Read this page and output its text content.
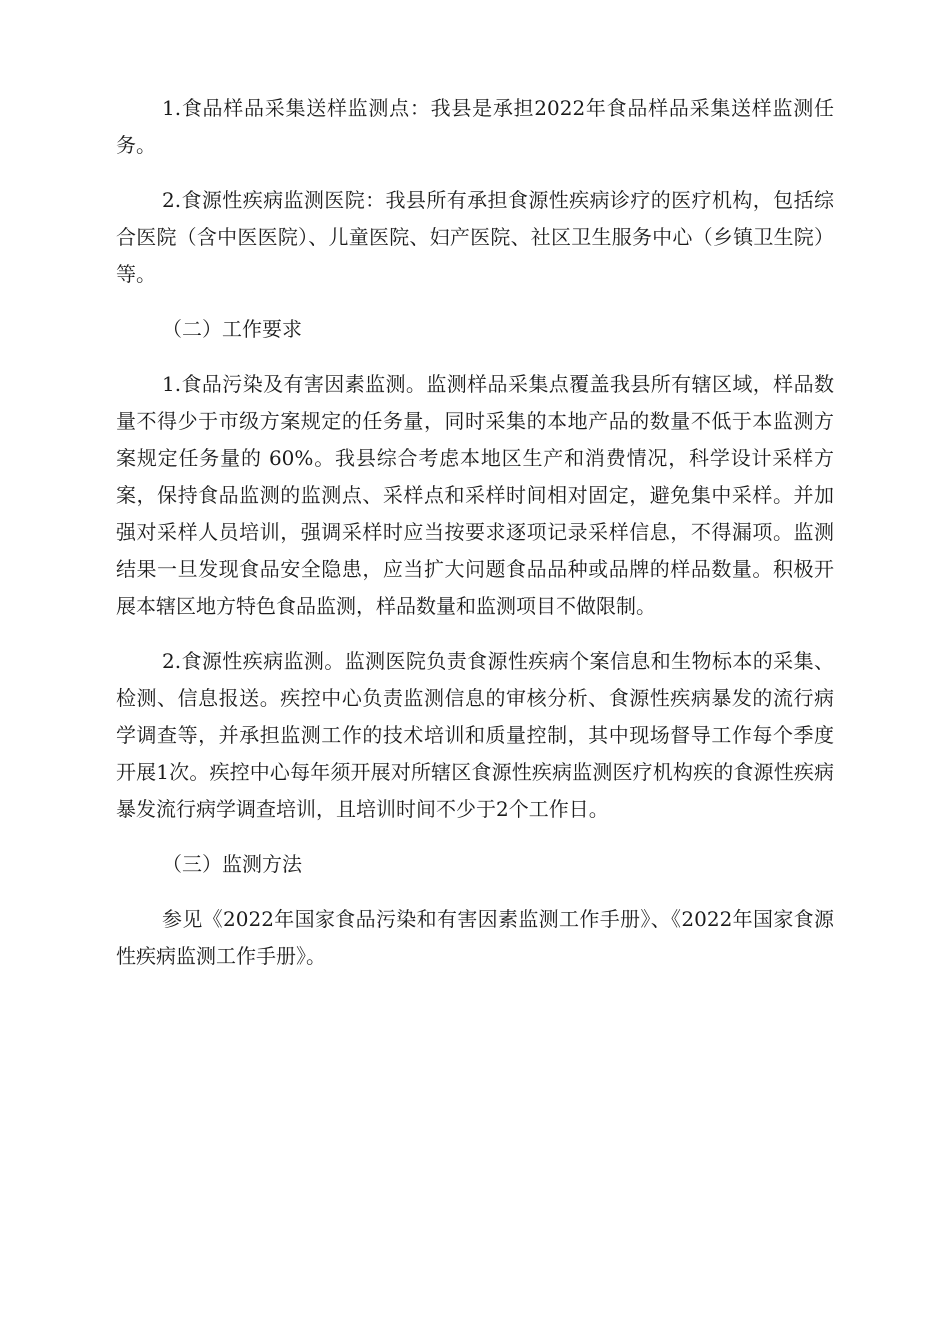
1.食品样品采集送样监测点：我县是承担2022年食品样品采集送样监测任务。

2.食源性疾病监测医院：我县所有承担食源性疾病诊疗的医疗机构，包括综合医院（含中医医院）、儿童医院、妇产医院、社区卫生服务中心（乡镇卫生院）等。

（二）工作要求

1.食品污染及有害因素监测。监测样品采集点覆盖我县所有辖区域，样品数量不得少于市级方案规定的任务量，同时采集的本地产品的数量不低于本监测方案规定任务量的 60%。我县综合考虑本地区生产和消费情况，科学设计采样方案，保持食品监测的监测点、采样点和采样时间相对固定，避免集中采样。并加强对采样人员培训，强调采样时应当按要求逐项记录采样信息，不得漏项。监测结果一旦发现食品安全隐患，应当扩大问题食品品种或品牌的样品数量。积极开展本辖区地方特色食品监测，样品数量和监测项目不做限制。

2.食源性疾病监测。监测医院负责食源性疾病个案信息和生物标本的采集、检测、信息报送。疾控中心负责监测信息的审核分析、食源性疾病暴发的流行病学调查等，并承担监测工作的技术培训和质量控制，其中现场督导工作每个季度开展1次。疾控中心每年须开展对所辖区食源性疾病监测医疗机构疾的食源性疾病暴发流行病学调查培训，且培训时间不少于2个工作日。

（三）监测方法

参见《2022年国家食品污染和有害因素监测工作手册》、《2022年国家食源性疾病监测工作手册》。
